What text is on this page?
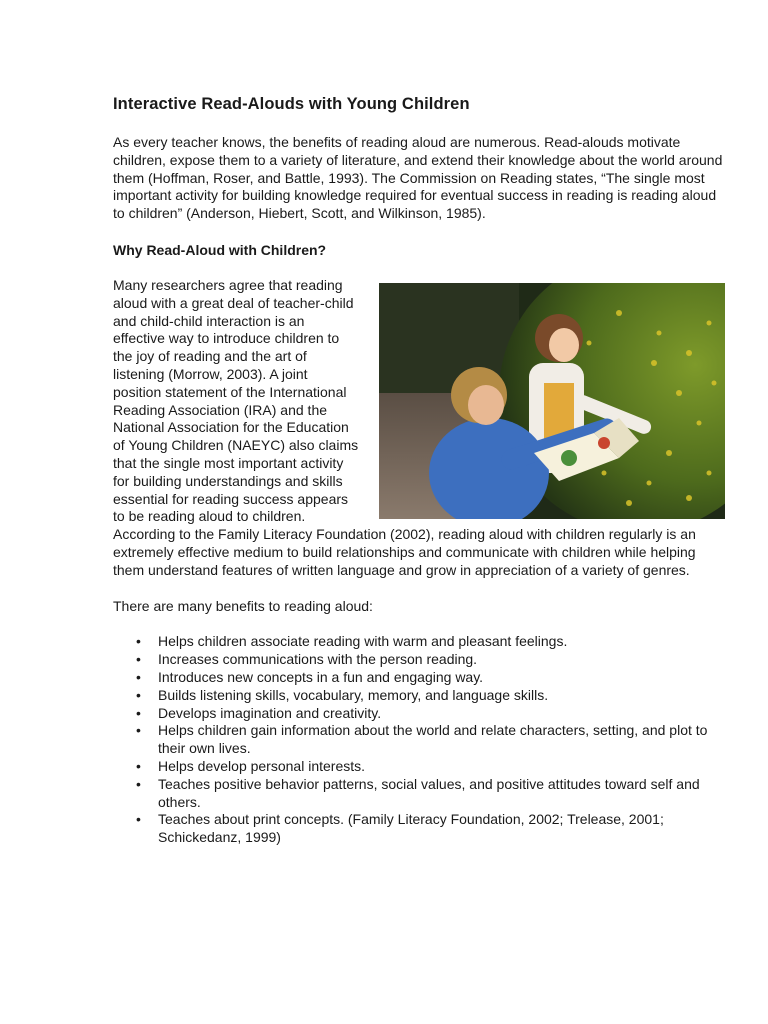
Interactive Read-Alouds with Young Children

As every teacher knows, the benefits of reading aloud are numerous. Read-alouds motivate children, expose them to a variety of literature, and extend their knowledge about the world around them (Hoffman, Roser, and Battle, 1993). The Commission on Reading states, “The single most important activity for building knowledge required for eventual success in reading is reading aloud to children” (Anderson, Hiebert, Scott, and Wilkinson, 1985).

Why Read-Aloud with Children?

Many researchers agree that reading aloud with a great deal of teacher-child and child-child interaction is an effective way to introduce children to the joy of reading and the art of listening (Morrow, 2003). A joint position statement of the International Reading Association (IRA) and the National Association for the Education of Young Children (NAEYC) also claims that the single most important activity for building understandings and skills essential for reading success appears to be reading aloud to children. According to the Family Literacy Foundation (2002), reading aloud with children regularly is an extremely effective medium to build relationships and communicate with children while helping them understand features of written language and grow in appreciation of a variety of genres.

There are many benefits to reading aloud:

• Helps children associate reading with warm and pleasant feelings.
• Increases communications with the person reading.
• Introduces new concepts in a fun and engaging way.
• Builds listening skills, vocabulary, memory, and language skills.
• Develops imagination and creativity.
• Helps children gain information about the world and relate characters, setting, and plot to their own lives.
• Helps develop personal interests.
• Teaches positive behavior patterns, social values, and positive attitudes toward self and others.
• Teaches about print concepts. (Family Literacy Foundation, 2002; Trelease, 2001; Schickedanz, 1999)
